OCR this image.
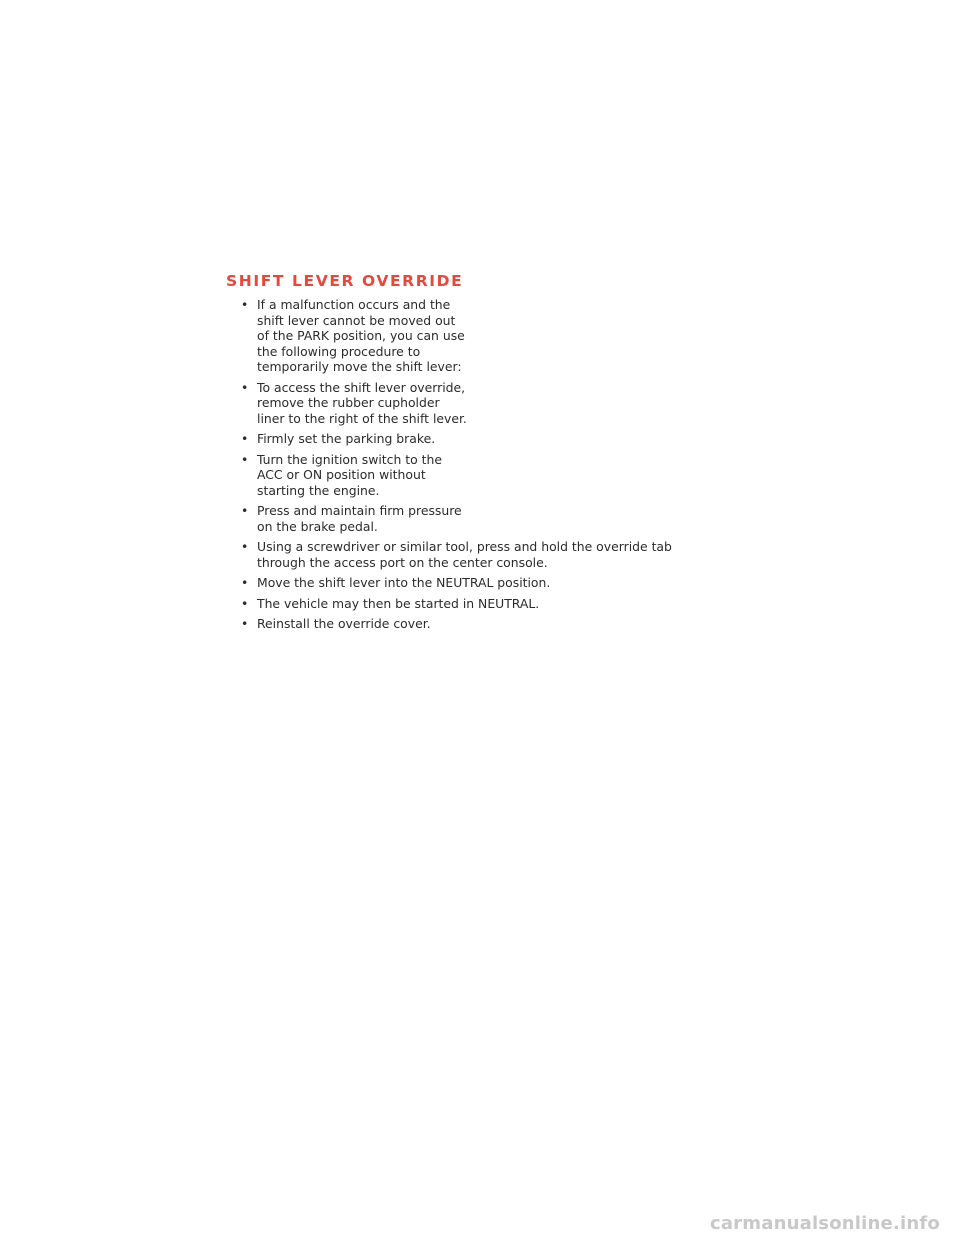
SHIFT LEVER OVERRIDE
• If a malfunction occurs and the shift lever cannot be moved out of the PARK position, you can use the following procedure to temporarily move the shift lever:
• To access the shift lever override, remove the rubber cupholder liner to the right of the shift lever.
• Firmly set the parking brake.
• Turn the ignition switch to the ACC or ON position without starting the engine.
• Press and maintain firm pressure on the brake pedal.
• Using a screwdriver or similar tool, press and hold the override tab through the access port on the center console.
• Move the shift lever into the NEUTRAL position.
• The vehicle may then be started in NEUTRAL.
• Reinstall the override cover.
carmanualsonline.info
